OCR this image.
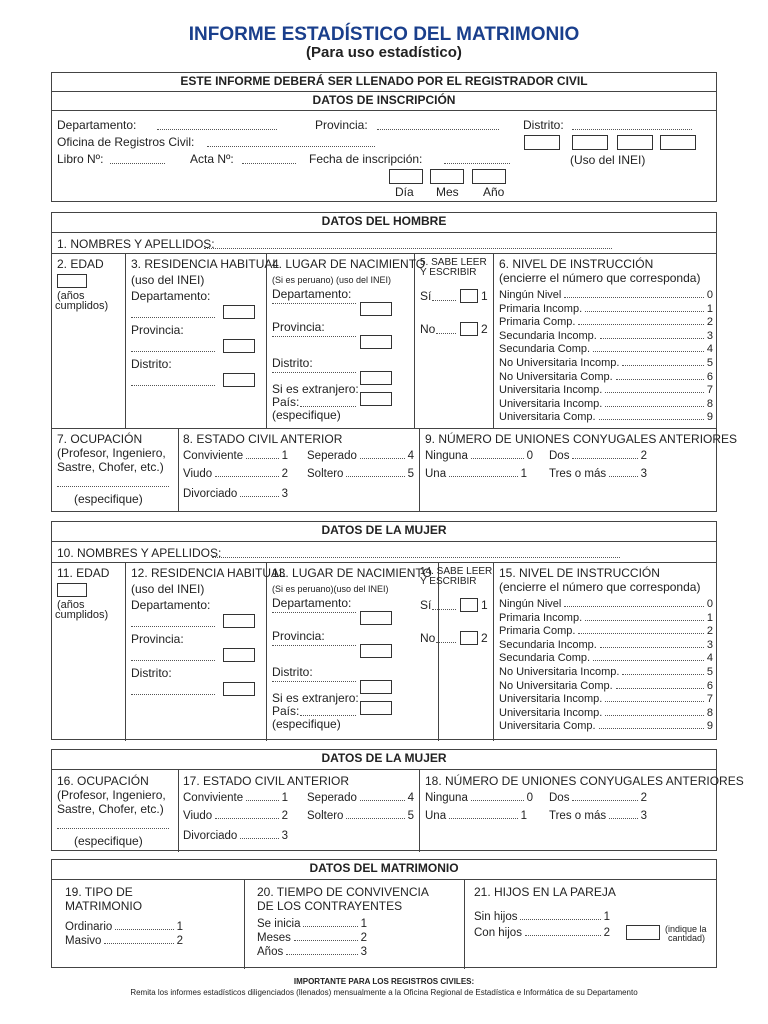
INFORME ESTADÍSTICO DEL MATRIMONIO
(Para uso estadístico)
ESTE INFORME DEBERÁ SER LLENADO POR EL REGISTRADOR CIVIL
DATOS DE INSCRIPCIÓN
Departamento:	Provincia:	Distrito:
Oficina de Registros Civil:
Libro Nº:	Acta Nº:	Fecha de inscripción:	(Uso del INEI)
Día Mes Año
DATOS DEL HOMBRE
1. NOMBRES Y APELLIDOS:
2. EDAD
(años
cumplidos)
3. RESIDENCIA HABITUAL
(uso del INEI)
Departamento:
Provincia:
Distrito:
4. LUGAR DE NACIMIENTO
(Si es peruano) (uso del INEI)
Departamento:
Provincia:
Distrito:
Si es extranjero:
País:
(especifique)
5. SABE LEER
Y ESCRIBIR
Sí	1
No	2
6. NIVEL DE INSTRUCCIÓN
(encierre el número que corresponda)
Ningún Nivel	0
Primaria Incomp.	1
Primaria Comp.	2
Secundaria Incomp.	3
Secundaria Comp.	4
No Universitaria Incomp.	5
No Universitaria Comp.	6
Universitaria Incomp.	7
Universitaria Incomp.	8
Universitaria Comp.	9
7. OCUPACIÓN
(Profesor, Ingeniero,
Sastre, Chofer, etc.)
(especifique)
8. ESTADO CIVIL ANTERIOR
Conviviente	1
Viudo	2
Divorciado	3
Seperado	4
Soltero	5
9. NÚMERO DE UNIONES CONYUGALES ANTERIORES
Ninguna	0
Una	1
Dos	2
Tres o más	3
DATOS DE LA MUJER
10. NOMBRES Y APELLIDOS:
11. EDAD
(años
cumplidos)
12. RESIDENCIA HABITUAL
(uso del INEI)
Departamento:
Provincia:
Distrito:
13. LUGAR DE NACIMIENTO
(Si es peruano)(uso del INEI)
Departamento:
Provincia:
Distrito:
Si es extranjero:
País:
(especifique)
14. SABE LEER
Y ESCRIBIR
Sí	1
No	2
15. NIVEL DE INSTRUCCIÓN
(encierre el número que corresponda)
Ningún Nivel	0
Primaria Incomp.	1
Primaria Comp.	2
Secundaria Incomp.	3
Secundaria Comp.	4
No Universitaria Incomp.	5
No Universitaria Comp.	6
Universitaria Incomp.	7
Universitaria Incomp.	8
Universitaria Comp.	9
DATOS DE LA MUJER
16. OCUPACIÓN
(Profesor, Ingeniero,
Sastre, Chofer, etc.)
(especifique)
17. ESTADO CIVIL ANTERIOR
Conviviente	1
Viudo	2
Divorciado	3
Seperado	4
Soltero	5
18. NÚMERO DE UNIONES CONYUGALES ANTERIORES
Ninguna	0
Una	1
Dos	2
Tres o más	3
DATOS DEL MATRIMONIO
19. TIPO DE
MATRIMONIO
Ordinario	1
Masivo	2
20. TIEMPO DE CONVIVENCIA
DE LOS CONTRAYENTES
Se inicia	1
Meses	2
Años	3
21. HIJOS EN LA PAREJA
Sin hijos	1
Con hijos	2	(indique la
cantidad)
IMPORTANTE PARA LOS REGISTROS CIVILES:
Remita los informes estadísticos diligenciados (llenados) mensualmente a la Oficina Regional de Estadística e Informática de su Departamento
